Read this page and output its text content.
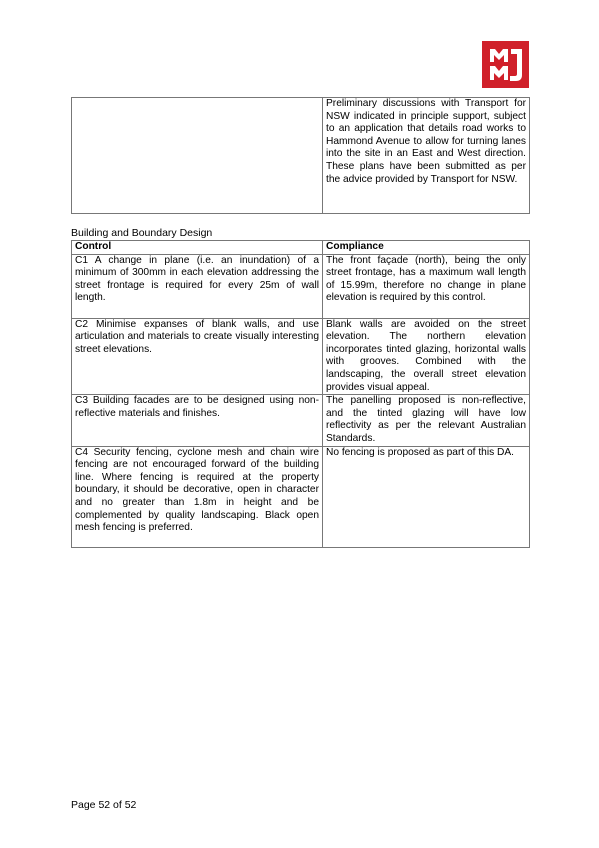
	Preliminary discussions with Transport for NSW indicated in principle support, subject to an application that details road works to Hammond Avenue to allow for turning lanes into the site in an East and West direction. These plans have been submitted as per the advice provided by Transport for NSW.
Building and Boundary Design
Control	Compliance
C1 A change in plane (i.e. an inundation) of a minimum of 300mm in each elevation addressing the street frontage is required for every 25m of wall length.	The front façade (north), being the only street frontage, has a maximum wall length of 15.99m, therefore no change in plane elevation is required by this control.
C2 Minimise expanses of blank walls, and use articulation and materials to create visually interesting street elevations.	Blank walls are avoided on the street elevation. The northern elevation incorporates tinted glazing, horizontal walls with grooves. Combined with the landscaping, the overall street elevation provides visual appeal.
C3 Building facades are to be designed using non-reflective materials and finishes.	The panelling proposed is non-reflective, and the tinted glazing will have low reflectivity as per the relevant Australian Standards.
C4 Security fencing, cyclone mesh and chain wire fencing are not encouraged forward of the building line. Where fencing is required at the property boundary, it should be decorative, open in character and no greater than 1.8m in height and be complemented by quality landscaping. Black open mesh fencing is preferred.	No fencing is proposed as part of this DA.
Page 52 of 52
